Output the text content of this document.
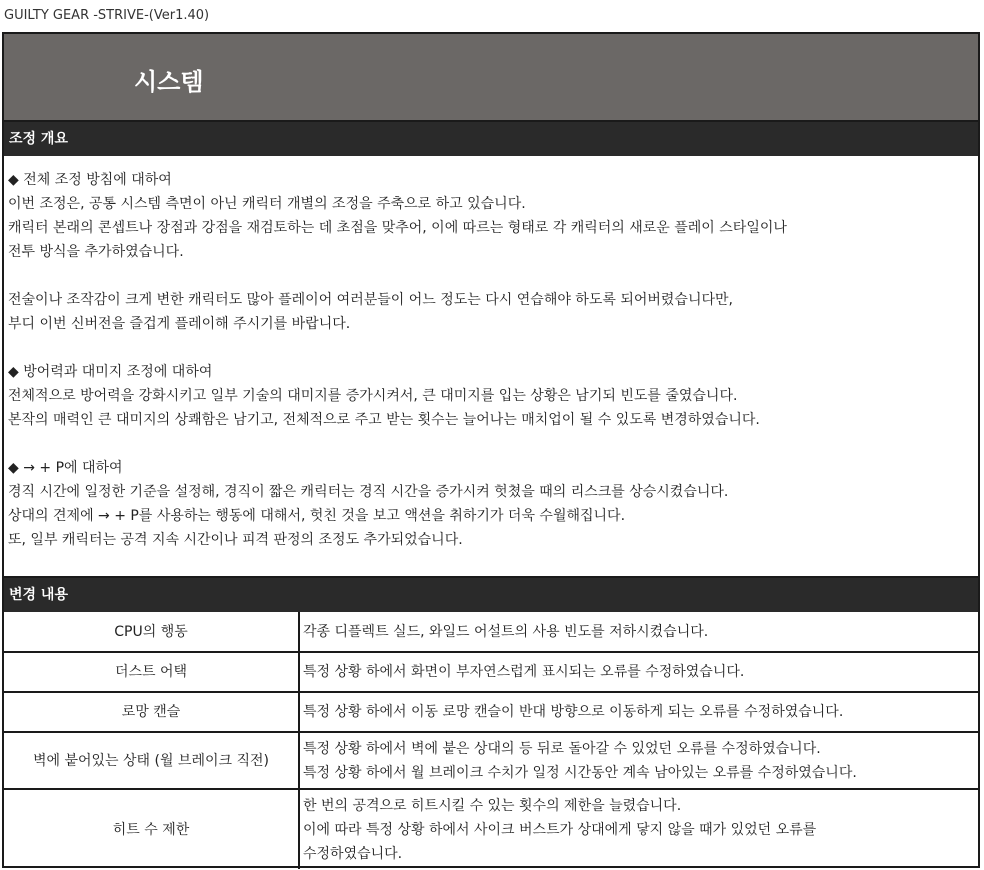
GUILTY GEAR -STRIVE-(Ver1.40)
시스템
조정 개요
◆ 전체 조정 방침에 대하여
이번 조정은, 공통 시스템 측면이 아닌 캐릭터 개별의 조정을 주축으로 하고 있습니다.
캐릭터 본래의 콘셉트나 장점과 강점을 재검토하는 데 초점을 맞추어, 이에 따르는 형태로 각 캐릭터의 새로운 플레이 스타일이나
전투 방식을 추가하였습니다.
전술이나 조작감이 크게 변한 캐릭터도 많아 플레이어 여러분들이 어느 정도는 다시 연습해야 하도록 되어버렸습니다만,
부디 이번 신버전을 즐겁게 플레이해 주시기를 바랍니다.
◆ 방어력과 대미지 조정에 대하여
전체적으로 방어력을 강화시키고 일부 기술의 대미지를 증가시켜서, 큰 대미지를 입는 상황은 남기되 빈도를 줄였습니다.
본작의 매력인 큰 대미지의 상쾌함은 남기고, 전체적으로 주고 받는 횟수는 늘어나는 매치업이 될 수 있도록 변경하였습니다.
◆ → + P에 대하여
경직 시간에 일정한 기준을 설정해, 경직이 짧은 캐릭터는 경직 시간을 증가시켜 헛쳤을 때의 리스크를 상승시켰습니다.
상대의 견제에 → + P를 사용하는 행동에 대해서, 헛친 것을 보고 액션을 취하기가 더욱 수월해집니다.
또, 일부 캐릭터는 공격 지속 시간이나 피격 판정의 조정도 추가되었습니다.
변경 내용
CPU의 행동	각종 디플렉트 실드, 와일드 어설트의 사용 빈도를 저하시켰습니다.

더스트 어택	특정 상황 하에서 화면이 부자연스럽게 표시되는 오류를 수정하였습니다.

로망 캔슬	특정 상황 하에서 이동 로망 캔슬이 반대 방향으로 이동하게 되는 오류를 수정하였습니다.

벽에 붙어있는 상태 (월 브레이크 직전)	특정 상황 하에서 벽에 붙은 상대의 등 뒤로 돌아갈 수 있었던 오류를 수정하였습니다.
특정 상황 하에서 월 브레이크 수치가 일정 시간동안 계속 남아있는 오류를 수정하였습니다.

히트 수 제한	한 번의 공격으로 히트시킬 수 있는 횟수의 제한을 늘렸습니다.
이에 따라 특정 상황 하에서 사이크 버스트가 상대에게 닿지 않을 때가 있었던 오류를
수정하였습니다.
